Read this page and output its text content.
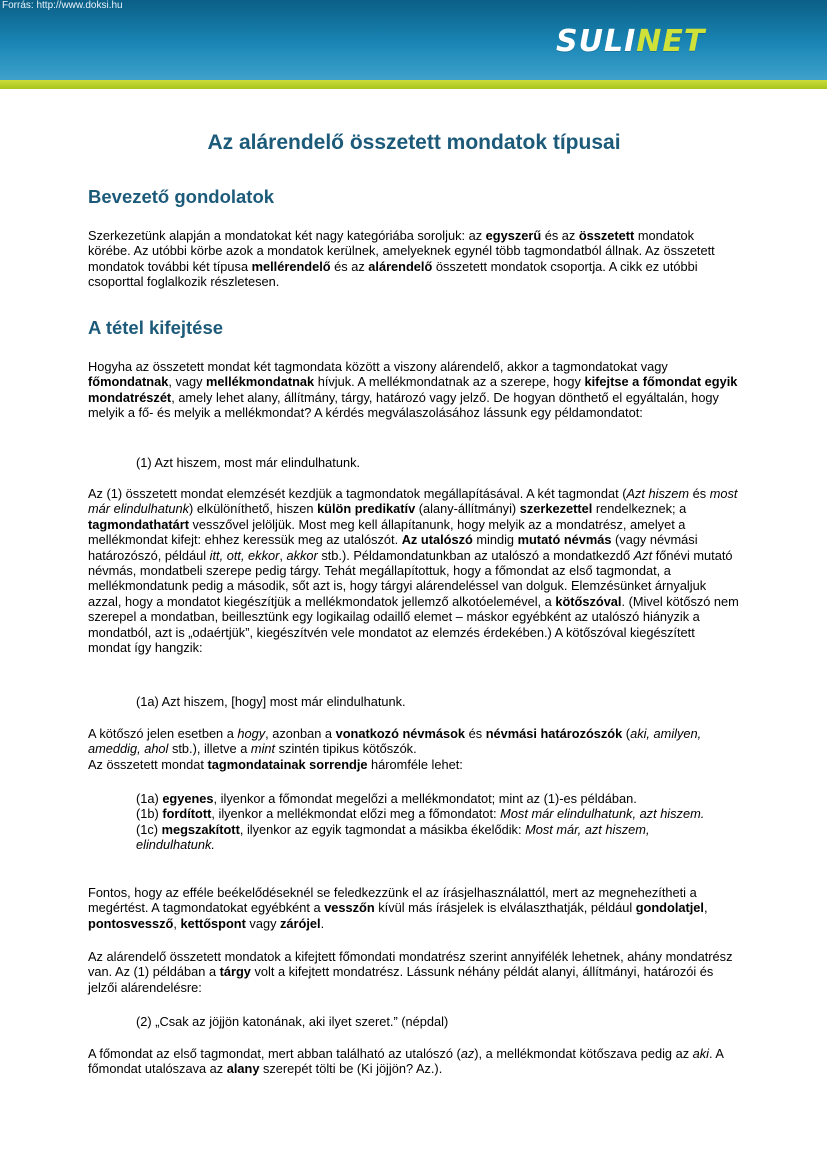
Forrás: http://www.doksi.hu
SULINET
Az alárendelő összetett mondatok típusai
Bevezető gondolatok
Szerkezetünk alapján a mondatokat két nagy kategóriába soroljuk: az egyszerű és az összetett mondatok körébe. Az utóbbi körbe azok a mondatok kerülnek, amelyeknek egynél több tagmondatból állnak. Az összetett mondatok további két típusa mellérendelő és az alárendelő összetett mondatok csoportja. A cikk ez utóbbi csoporttal foglalkozik részletesen.
A tétel kifejtése
Hogyha az összetett mondat két tagmondata között a viszony alárendelő, akkor a tagmondatokat vagy főmondatnak, vagy mellékmondatnak hívjuk. A mellékmondatnak az a szerepe, hogy kifejtse a főmondat egyik mondatrészét, amely lehet alany, állítmány, tárgy, határozó vagy jelző. De hogyan dönthető el egyáltalán, hogy melyik a fő- és melyik a mellékmondat? A kérdés megválaszolásához lássunk egy példamondatot:
(1) Azt hiszem, most már elindulhatunk.
Az (1) összetett mondat elemzését kezdjük a tagmondatok megállapításával. A két tagmondat (Azt hiszem és most már elindulhatunk) elkülöníthető, hiszen külön predikatív (alany-állítmányi) szerkezettel rendelkeznek; a tagmondathatárt vesszővel jelöljük. Most meg kell állapítanunk, hogy melyik az a mondatrész, amelyet a mellékmondat kifejt: ehhez keressük meg az utalószót. Az utalószó mindig mutató névmás (vagy névmási határozószó, például itt, ott, ekkor, akkor stb.). Példamondatunkban az utalószó a mondatkezdő Azt főnévi mutató névmás, mondatbeli szerepe pedig tárgy. Tehát megállapítottuk, hogy a főmondat az első tagmondat, a mellékmondatunk pedig a második, sőt azt is, hogy tárgyi alárendeléssel van dolguk. Elemzésünket árnyaljuk azzal, hogy a mondatot kiegészítjük a mellékmondatok jellemző alkotóelemével, a kötőszóval. (Mivel kötőszó nem szerepel a mondatban, beillesztünk egy logikailag odaillő elemet – máskor egyébként az utalószó hiányzik a mondatból, azt is „odaértjük”, kiegészítvén vele mondatot az elemzés érdekében.) A kötőszóval kiegészített mondat így hangzik:
(1a) Azt hiszem, [hogy] most már elindulhatunk.
A kötőszó jelen esetben a hogy, azonban a vonatkozó névmások és névmási határozószók (aki, amilyen, ameddig, ahol stb.), illetve a mint szintén tipikus kötőszók.
Az összetett mondat tagmondatainak sorrendje háromféle lehet:
(1a) egyenes, ilyenkor a főmondat megelőzi a mellékmondatot; mint az (1)-es példában.
(1b) fordított, ilyenkor a mellékmondat előzi meg a főmondatot: Most már elindulhatunk, azt hiszem.
(1c) megszakított, ilyenkor az egyik tagmondat a másikba ékelődik: Most már, azt hiszem, elindulhatunk.
Fontos, hogy az efféle beékelődéseknél se feledkezzünk el az írásjelhasználattól, mert az megnehezítheti a megértést. A tagmondatokat egyébként a vesszőn kívül más írásjelek is elválaszthatják, például gondolatjel, pontosvessző, kettőspont vagy zárójel.
Az alárendelő összetett mondatok a kifejtett főmondati mondatrész szerint annyifélék lehetnek, ahány mondatrész van. Az (1) példában a tárgy volt a kifejtett mondatrész. Lássunk néhány példát alanyi, állítmányi, határozói és jelzői alárendelésre:
(2) „Csak az jöjjön katonának, aki ilyet szeret.” (népdal)
A főmondat az első tagmondat, mert abban található az utalószó (az), a mellékmondat kötőszava pedig az aki. A főmondat utalószava az alany szerepét tölti be (Ki jöjjön? Az.).
